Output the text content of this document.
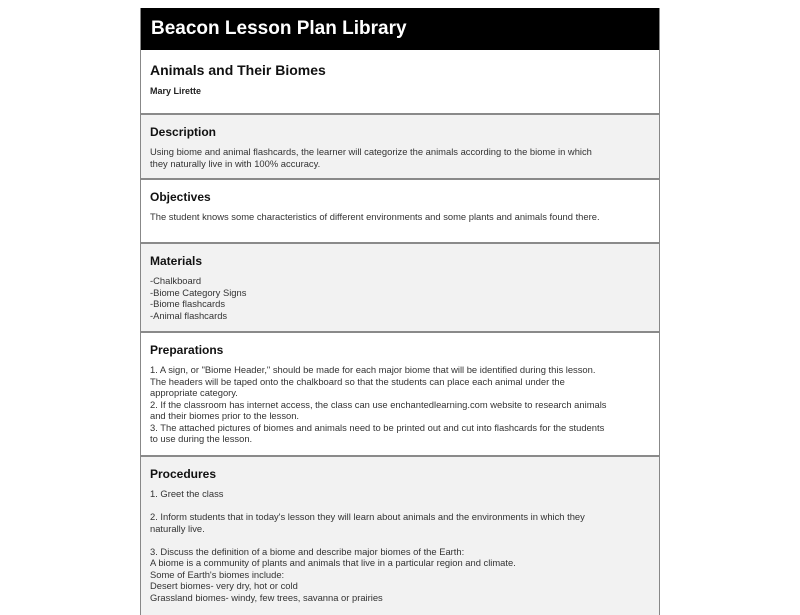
Beacon Lesson Plan Library
Animals and Their Biomes
Mary Lirette
Description
Using biome and animal flashcards, the learner will categorize the animals according to the biome in which
they naturally live in with 100% accuracy.
Objectives
The student knows some characteristics of different environments and some plants and animals found there.
Materials
-Chalkboard
-Biome Category Signs
-Biome flashcards
-Animal flashcards
Preparations
1. A sign, or "Biome Header," should be made for each major biome that will be identified during this lesson.
The headers will be taped onto the chalkboard so that the students can place each animal under the
appropriate category.
2. If the classroom has internet access, the class can use enchantedlearning.com website to research animals
and their biomes prior to the lesson.
3. The attached pictures of biomes and animals need to be printed out and cut into flashcards for the students
to use during the lesson.
Procedures
1. Greet the class
2. Inform students that in today's lesson they will learn about animals and the environments in which they
naturally live.
3. Discuss the definition of a biome and describe major biomes of the Earth:
A biome is a community of plants and animals that live in a particular region and climate.
Some of Earth's biomes include:
Desert biomes- very dry, hot or cold
Grassland biomes- windy, few trees, savanna or prairies
